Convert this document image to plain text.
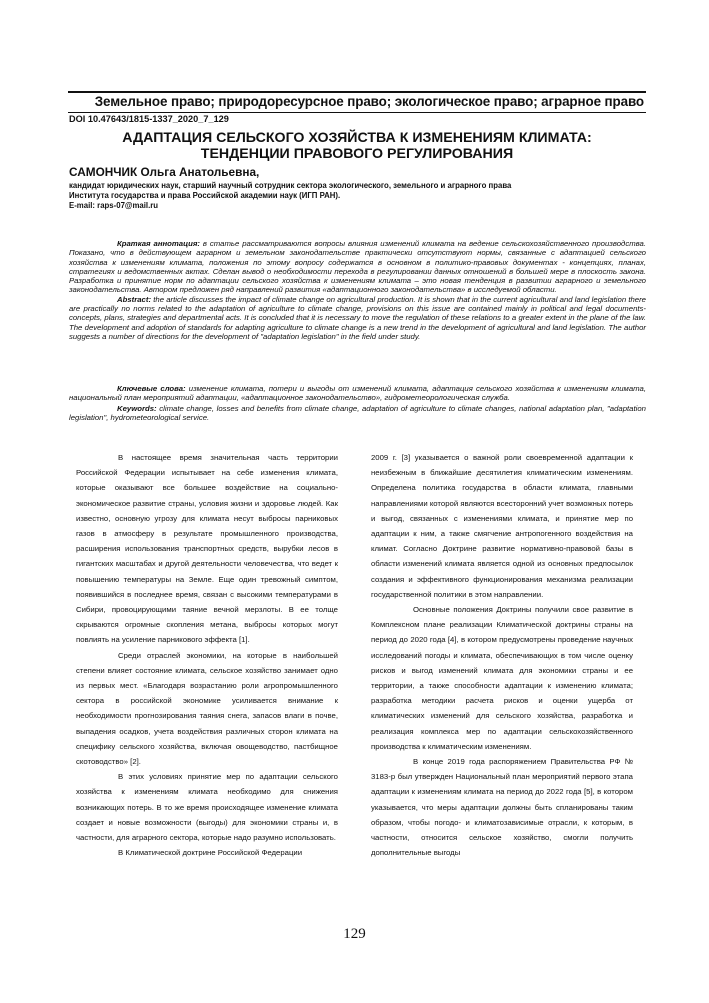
Земельное право; природоресурсное право; экологическое право; аграрное право
DOI 10.47643/1815-1337_2020_7_129
АДАПТАЦИЯ СЕЛЬСКОГО ХОЗЯЙСТВА К ИЗМЕНЕНИЯМ КЛИМАТА:
ТЕНДЕНЦИИ ПРАВОВОГО РЕГУЛИРОВАНИЯ
САМОНЧИК Ольга Анатольевна,
кандидат юридических наук, старший научный сотрудник сектора экологического, земельного и аграрного права
Института государства и права Российской академии наук (ИГП РАН).
E-mail: raps-07@mail.ru

Краткая аннотация: в статье рассматриваются вопросы влияния изменений климата на ведение сельскохозяйственного производства. Показано, что в действующем аграрном и земельном законодательстве практически отсутствуют нормы, связанные с адаптацией сельского хозяйства к изменениям климата, положения по этому вопросу содержатся в основном в политико-правовых документах - концепциях, планах, стратегиях и ведомственных актах. Сделан вывод о необходимости перехода в регулировании данных отношений в большей мере в плоскость закона. Разработка и принятие норм по адаптации сельского хозяйства к изменениям климата – это новая тенденция в развитии аграрного и земельного законодательства. Автором предложен ряд направлений развития «адаптационного законодательства» в исследуемой области.

Abstract: the article discusses the impact of climate change on agricultural production. It is shown that in the current agricultural and land legislation there are practically no norms related to the adaptation of agriculture to climate change, provisions on this issue are contained mainly in political and legal documents-concepts, plans, strategies and departmental acts. It is concluded that it is necessary to move the regulation of these relations to a greater extent in the plane of the law. The development and adoption of standards for adapting agriculture to climate change is a new trend in the development of agricultural and land legislation. The author suggests a number of directions for the development of "adaptation legislation" in the field under study.

Ключевые слова: изменение климата, потери и выгоды от изменений климата, адаптация сельского хозяйства к изменениям климата, национальный план мероприятий адаптации, «адаптационное законодательство», гидрометеорологическая служба.

Keywords: climate change, losses and benefits from climate change, adaptation of agriculture to climate changes, national adaptation plan, "adaptation legislation", hydrometeorological service.

В настоящее время значительная часть территории Российской Федерации испытывает на себе изменения климата, которые оказывают все большее воздействие на социально-экономическое развитие страны, условия жизни и здоровье людей. Как известно, основную угрозу для климата несут выбросы парниковых газов в атмосферу в результате промышленного производства, расширения использования транспортных средств, вырубки лесов в гигантских масштабах и другой деятельности человечества, что ведет к повышению температуры на Земле. Еще один тревожный симптом, появившийся в последнее время, связан с высокими температурами в Сибири, провоцирующими таяние вечной мерзлоты. В ее толще скрываются огромные скопления метана, выбросы которых могут повлиять на усиление парникового эффекта [1].

Среди отраслей экономики, на которые в наибольшей степени влияет состояние климата, сельское хозяйство занимает одно из первых мест. «Благодаря возрастанию роли агропромышленного сектора в российской экономике усиливается внимание к необходимости прогнозирования таяния снега, запасов влаги в почве, выпадения осадков, учета воздействия различных сторон климата на специфику сельского хозяйства, включая овощеводство, пастбищное скотоводство» [2].

В этих условиях принятие мер по адаптации сельского хозяйства к изменениям климата необходимо для снижения возникающих потерь. В то же время происходящее изменение климата создает и новые возможности (выгоды) для экономики страны и, в частности, для аграрного сектора, которые надо разумно использовать.

В Климатической доктрине Российской Федерации

2009 г. [3] указывается о важной роли своевременной адаптации к неизбежным в ближайшие десятилетия климатическим изменениям. Определена политика государства в области климата, главными направлениями которой являются всесторонний учет возможных потерь и выгод, связанных с изменениями климата, и принятие мер по адаптации к ним, а также смягчение антропогенного воздействия на климат. Согласно Доктрине развитие нормативно-правовой базы в области изменений климата является одной из основных предпосылок создания и эффективного функционирования механизма реализации государственной политики в этом направлении.

Основные положения Доктрины получили свое развитие в Комплексном плане реализации Климатической доктрины страны на период до 2020 года [4], в котором предусмотрены проведение научных исследований погоды и климата, обеспечивающих в том числе оценку рисков и выгод изменений климата для экономики страны и ее территории, а также способности адаптации к изменению климата; разработка методики расчета рисков и оценки ущерба от климатических изменений для сельского хозяйства, разработка и реализация комплекса мер по адаптации сельскохозяйственного производства к климатическим изменениям.

В конце 2019 года распоряжением Правительства РФ № 3183-р был утвержден Национальный план мероприятий первого этапа адаптации к изменениям климата на период до 2022 года [5], в котором указывается, что меры адаптации должны быть спланированы таким образом, чтобы погодо- и климатозависимые отрасли, к которым, в частности, относится сельское хозяйство, смогли получить дополнительные выгоды

129
